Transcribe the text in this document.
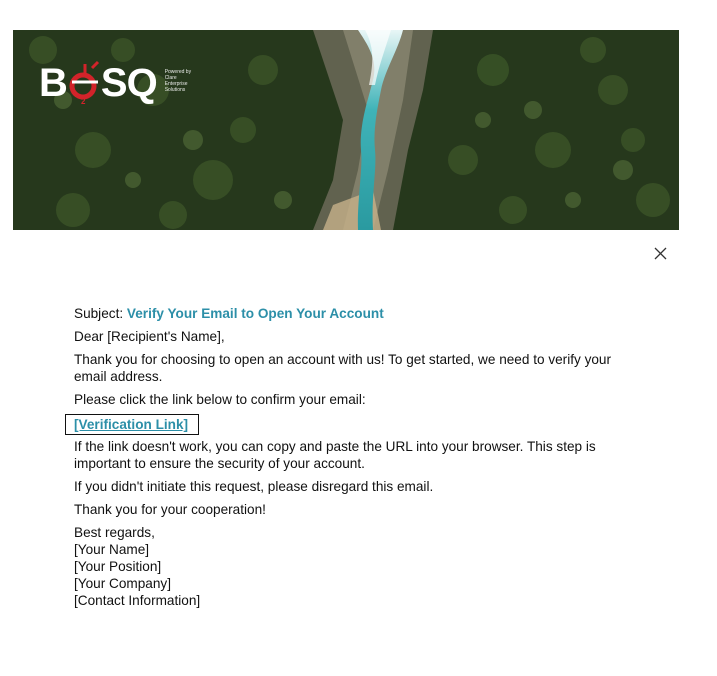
B 2 SQ Powered by
Clare
Enterprise
Solutions

Subject: Verify Your Email to Open Your Account

Dear [Recipient's Name],

Thank you for choosing to open an account with us! To get started, we need to verify your email address.

Please click the link below to confirm your email:

[Verification Link]

If the link doesn't work, you can copy and paste the URL into your browser. This step is important to ensure the security of your account.

If you didn't initiate this request, please disregard this email.

Thank you for your cooperation!

Best regards,
[Your Name]
[Your Position]
[Your Company]
[Contact Information]
